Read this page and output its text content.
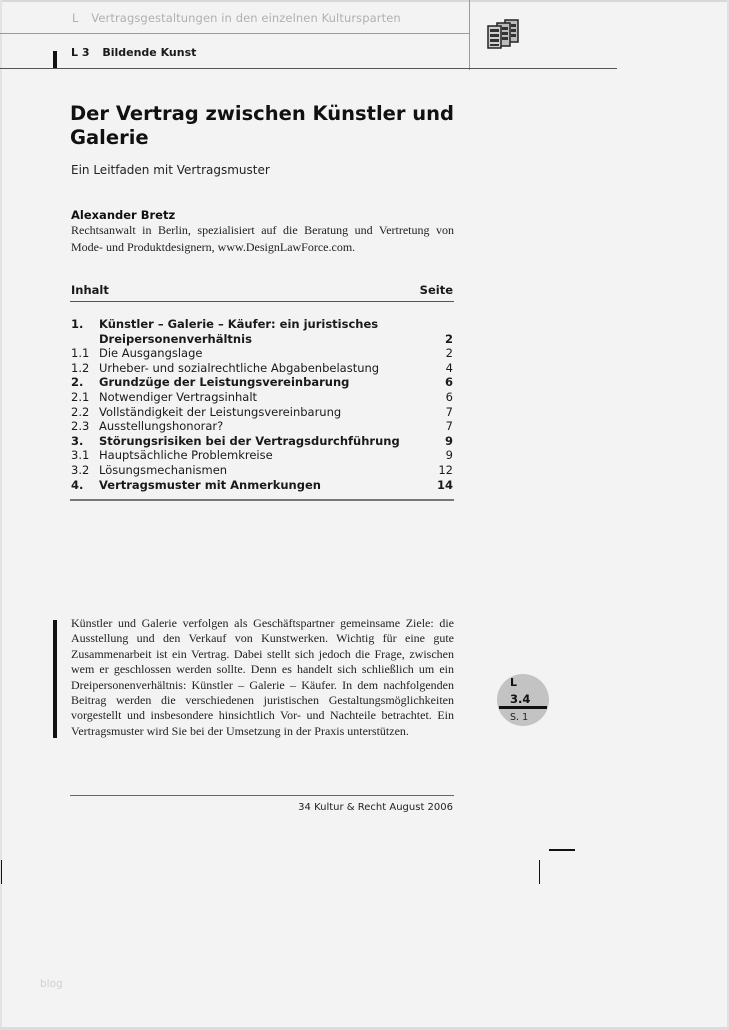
L Vertragsgestaltungen in den einzelnen Kultursparten
L 3 Bildende Kunst
Der Vertrag zwischen Künstler und Galerie
Ein Leitfaden mit Vertragsmuster
Alexander Bretz
Rechtsanwalt in Berlin, spezialisiert auf die Beratung und Vertretung von Mode- und Produktdesignern, www.DesignLawForce.com.
Inhalt	Seite
1.	Künstler – Galerie – Käufer: ein juristisches Dreipersonenverhältnis	2
1.1 Die Ausgangslage	2
1.2 Urheber- und sozialrechtliche Abgabenbelastung	4
2.	Grundzüge der Leistungsvereinbarung	6
2.1 Notwendiger Vertragsinhalt	6
2.2 Vollständigkeit der Leistungsvereinbarung	7
2.3 Ausstellungshonorar?	7
3.	Störungsrisiken bei der Vertragsdurchführung	9
3.1 Hauptsächliche Problemkreise	9
3.2 Lösungsmechanismen	12
4.	Vertragsmuster mit Anmerkungen	14
Künstler und Galerie verfolgen als Geschäftspartner gemeinsame Ziele: die Ausstellung und den Verkauf von Kunstwerken. Wichtig für eine gute Zusammenarbeit ist ein Vertrag. Dabei stellt sich jedoch die Frage, zwischen wem er geschlossen werden sollte. Denn es handelt sich schließlich um ein Dreipersonenverhältnis: Künstler – Galerie – Käufer. In dem nachfolgenden Beitrag werden die verschiedenen juristischen Gestaltungsmöglichkeiten vorgestellt und insbesondere hinsichtlich Vor- und Nachteile betrachtet. Ein Vertragsmuster wird Sie bei der Umsetzung in der Praxis unterstützen.
L
3.4
S. 1
34 Kultur & Recht August 2006
blog
